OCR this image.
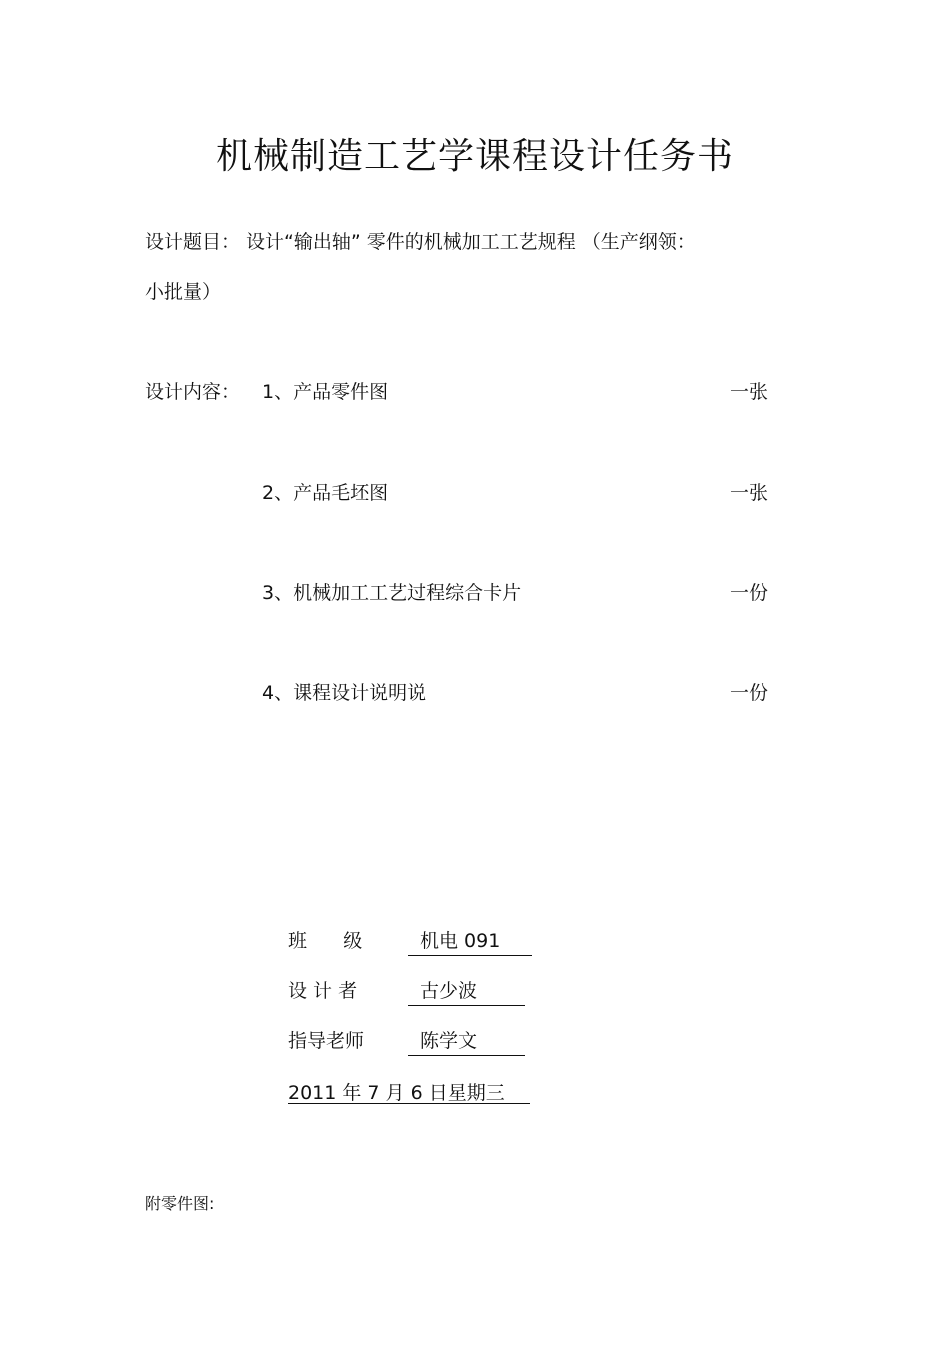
机械制造工艺学课程设计任务书
设计题目： 设计“输出轴” 零件的机械加工工艺规程 （生产纲领：
小批量）
设计内容： 1、产品零件图	一张
2、产品毛坯图	一张
3、机械加工工艺过程综合卡片	一份
4、课程设计说明说	一份
班      级	机电 091
设 计 者	古少波
指导老师	陈学文
2011 年 7 月 6 日星期三
附零件图:
